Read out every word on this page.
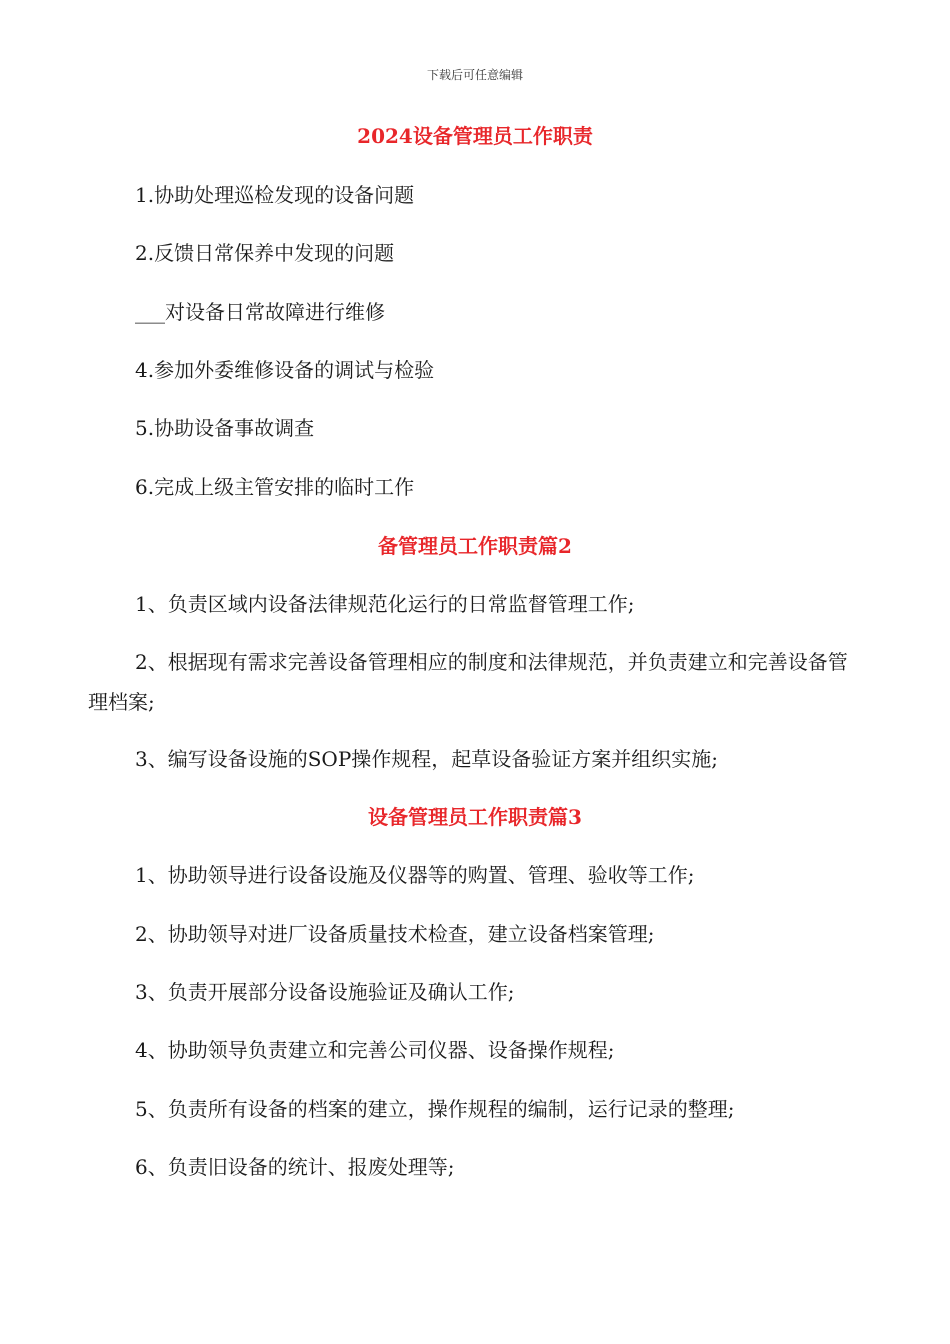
下载后可任意编辑
2024设备管理员工作职责
1.协助处理巡检发现的设备问题
2.反馈日常保养中发现的问题
___对设备日常故障进行维修
4.参加外委维修设备的调试与检验
5.协助设备事故调查
6.完成上级主管安排的临时工作
备管理员工作职责篇2
1、负责区域内设备法律规范化运行的日常监督管理工作;
2、根据现有需求完善设备管理相应的制度和法律规范，并负责建立和完善设备管理档案;
3、编写设备设施的SOP操作规程，起草设备验证方案并组织实施;
设备管理员工作职责篇3
1、协助领导进行设备设施及仪器等的购置、管理、验收等工作;
2、协助领导对进厂设备质量技术检查，建立设备档案管理;
3、负责开展部分设备设施验证及确认工作;
4、协助领导负责建立和完善公司仪器、设备操作规程;
5、负责所有设备的档案的建立，操作规程的编制，运行记录的整理;
6、负责旧设备的统计、报废处理等;
